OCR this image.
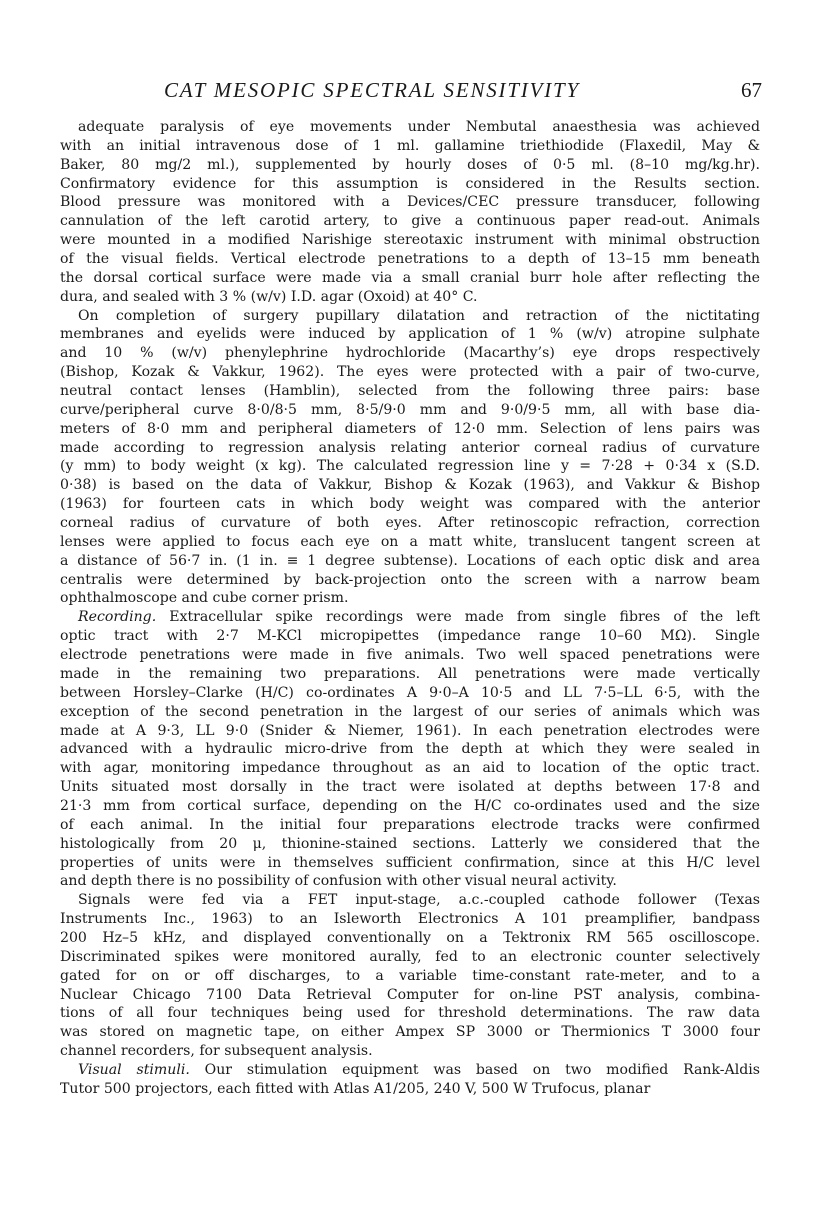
CAT MESOPIC SPECTRAL SENSITIVITY	67
adequate paralysis of eye movements under Nembutal anaesthesia was achieved
with an initial intravenous dose of 1 ml. gallamine triethiodide (Flaxedil, May &
Baker, 80 mg/2 ml.), supplemented by hourly doses of 0·5 ml. (8–10 mg/kg.hr).
Confirmatory evidence for this assumption is considered in the Results section.
Blood pressure was monitored with a Devices/CEC pressure transducer, following
cannulation of the left carotid artery, to give a continuous paper read-out. Animals
were mounted in a modified Narishige stereotaxic instrument with minimal obstruction
of the visual fields. Vertical electrode penetrations to a depth of 13–15 mm beneath
the dorsal cortical surface were made via a small cranial burr hole after reflecting the
dura, and sealed with 3 % (w/v) I.D. agar (Oxoid) at 40° C.
On completion of surgery pupillary dilatation and retraction of the nictitating
membranes and eyelids were induced by application of 1 % (w/v) atropine sulphate
and 10 % (w/v) phenylephrine hydrochloride (Macarthy’s) eye drops respectively
(Bishop, Kozak & Vakkur, 1962). The eyes were protected with a pair of two-curve,
neutral contact lenses (Hamblin), selected from the following three pairs: base
curve/peripheral curve 8·0/8·5 mm, 8·5/9·0 mm and 9·0/9·5 mm, all with base dia-
meters of 8·0 mm and peripheral diameters of 12·0 mm. Selection of lens pairs was
made according to regression analysis relating anterior corneal radius of curvature
(y mm) to body weight (x kg). The calculated regression line y = 7·28 + 0·34 x (S.D.
0·38) is based on the data of Vakkur, Bishop & Kozak (1963), and Vakkur & Bishop
(1963) for fourteen cats in which body weight was compared with the anterior
corneal radius of curvature of both eyes. After retinoscopic refraction, correction
lenses were applied to focus each eye on a matt white, translucent tangent screen at
a distance of 56·7 in. (1 in. ≡ 1 degree subtense). Locations of each optic disk and area
centralis were determined by back-projection onto the screen with a narrow beam
ophthalmoscope and cube corner prism.
Recording. Extracellular spike recordings were made from single fibres of the left
optic tract with 2·7 M-KCl micropipettes (impedance range 10–60 MΩ). Single
electrode penetrations were made in five animals. Two well spaced penetrations were
made in the remaining two preparations. All penetrations were made vertically
between Horsley–Clarke (H/C) co-ordinates A 9·0–A 10·5 and LL 7·5–LL 6·5, with the
exception of the second penetration in the largest of our series of animals which was
made at A 9·3, LL 9·0 (Snider & Niemer, 1961). In each penetration electrodes were
advanced with a hydraulic micro-drive from the depth at which they were sealed in
with agar, monitoring impedance throughout as an aid to location of the optic tract.
Units situated most dorsally in the tract were isolated at depths between 17·8 and
21·3 mm from cortical surface, depending on the H/C co-ordinates used and the size
of each animal. In the initial four preparations electrode tracks were confirmed
histologically from 20 μ, thionine-stained sections. Latterly we considered that the
properties of units were in themselves sufficient confirmation, since at this H/C level
and depth there is no possibility of confusion with other visual neural activity.
Signals were fed via a FET input-stage, a.c.-coupled cathode follower (Texas
Instruments Inc., 1963) to an Isleworth Electronics A 101 preamplifier, bandpass
200 Hz–5 kHz, and displayed conventionally on a Tektronix RM 565 oscilloscope.
Discriminated spikes were monitored aurally, fed to an electronic counter selectively
gated for on or off discharges, to a variable time-constant rate-meter, and to a
Nuclear Chicago 7100 Data Retrieval Computer for on-line PST analysis, combina-
tions of all four techniques being used for threshold determinations. The raw data
was stored on magnetic tape, on either Ampex SP 3000 or Thermionics T 3000 four
channel recorders, for subsequent analysis.
Visual stimuli. Our stimulation equipment was based on two modified Rank-Aldis
Tutor 500 projectors, each fitted with Atlas A1/205, 240 V, 500 W Trufocus, planar
